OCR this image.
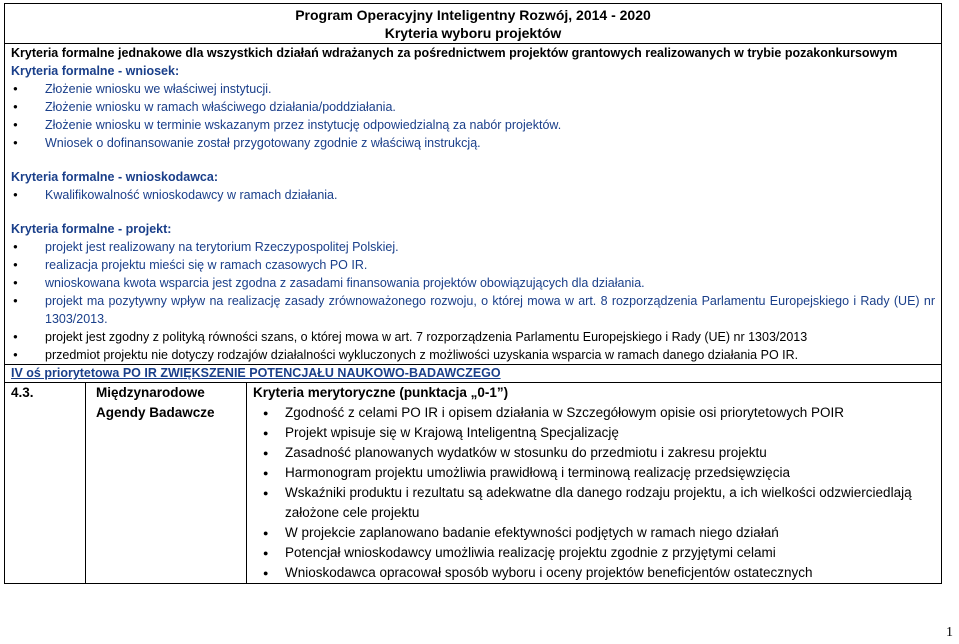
Program Operacyjny Inteligentny Rozwój, 2014 - 2020
Kryteria wyboru projektów
Kryteria formalne jednakowe dla wszystkich działań wdrażanych za pośrednictwem projektów grantowych realizowanych w trybie pozakonkursowym
Kryteria formalne - wniosek:
● Złożenie wniosku we właściwej instytucji.
● Złożenie wniosku w ramach właściwego działania/poddziałania.
● Złożenie wniosku w terminie wskazanym przez instytucję odpowiedzialną za nabór projektów.
● Wniosek o dofinansowanie został przygotowany zgodnie z właściwą instrukcją.
Kryteria formalne - wnioskodawca:
● Kwalifikowalność wnioskodawcy w ramach działania.
Kryteria formalne - projekt:
● projekt jest realizowany na terytorium Rzeczypospolitej Polskiej.
● realizacja projektu mieści się w ramach czasowych PO IR.
● wnioskowana kwota wsparcia jest zgodna z zasadami finansowania projektów obowiązujących dla działania.
● projekt ma pozytywny wpływ na realizację zasady zrównoważonego rozwoju, o której mowa w art. 8 rozporządzenia Parlamentu Europejskiego i Rady (UE) nr 1303/2013.
● projekt jest zgodny z polityką równości szans, o której mowa w art. 7 rozporządzenia Parlamentu Europejskiego i Rady (UE) nr 1303/2013
● przedmiot projektu nie dotyczy rodzajów działalności wykluczonych z możliwości uzyskania wsparcia w ramach danego działania PO IR.
IV oś priorytetowa PO IR ZWIĘKSZENIE POTENCJAŁU NAUKOWO-BADAWCZEGO
4.3.	Międzynarodowe Agendy Badawcze
Kryteria merytoryczne (punktacja „0-1”)
● Zgodność z celami PO IR i opisem działania w Szczegółowym opisie osi priorytetowych POIR
● Projekt wpisuje się w Krajową Inteligentną Specjalizację
● Zasadność planowanych wydatków w stosunku do przedmiotu i zakresu projektu
● Harmonogram projektu umożliwia prawidłową i terminową realizację przedsięwzięcia
● Wskaźniki produktu i rezultatu są adekwatne dla danego rodzaju projektu, a ich wielkości odzwierciedlają założone cele projektu
● W projekcie zaplanowano badanie efektywności podjętych w ramach niego działań
● Potencjał wnioskodawcy umożliwia realizację projektu zgodnie z przyjętymi celami
● Wnioskodawca opracował sposób wyboru i oceny projektów beneficjentów ostatecznych
1
